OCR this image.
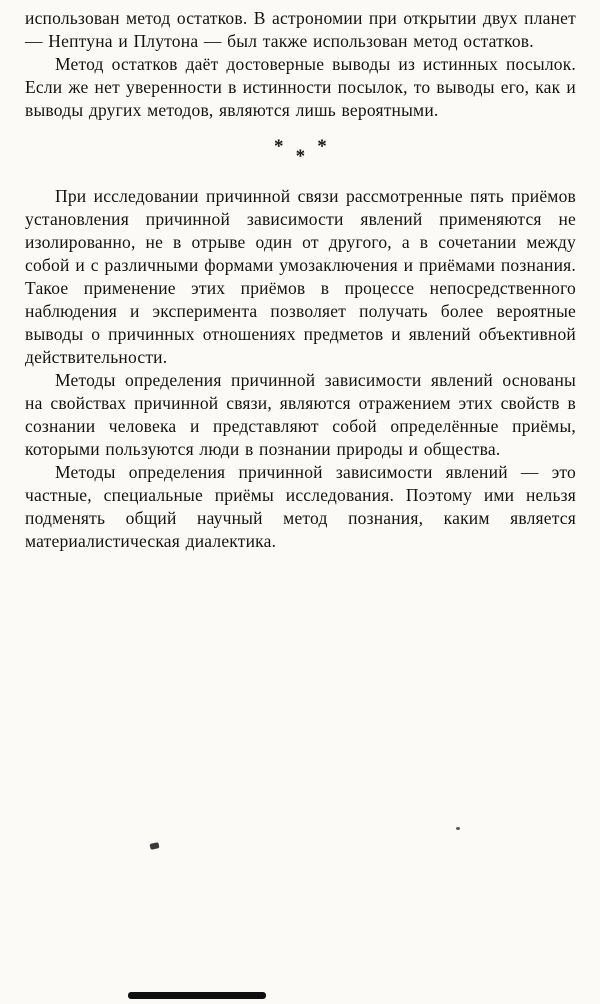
использован метод остатков. В астрономии при открытии двух планет — Нептуна и Плутона — был также использован метод остатков.

Метод остатков даёт достоверные выводы из истинных посылок. Если же нет уверенности в истинности посылок, то выводы его, как и выводы других методов, являются лишь вероятными.

* * *

При исследовании причинной связи рассмотренные пять приёмов установления причинной зависимости явлений применяются не изолированно, не в отрыве один от другого, а в сочетании между собой и с различными формами умозаключения и приёмами познания. Такое применение этих приёмов в процессе непосредственного наблюдения и эксперимента позволяет получать более вероятные выводы о причинных отношениях предметов и явлений объективной действительности.

Методы определения причинной зависимости явлений основаны на свойствах причинной связи, являются отражением этих свойств в сознании человека и представляют собой определённые приёмы, которыми пользуются люди в познании природы и общества.

Методы определения причинной зависимости явлений — это частные, специальные приёмы исследования. Поэтому ими нельзя подменять общий научный метод познания, каким является материалистическая диалектика.
